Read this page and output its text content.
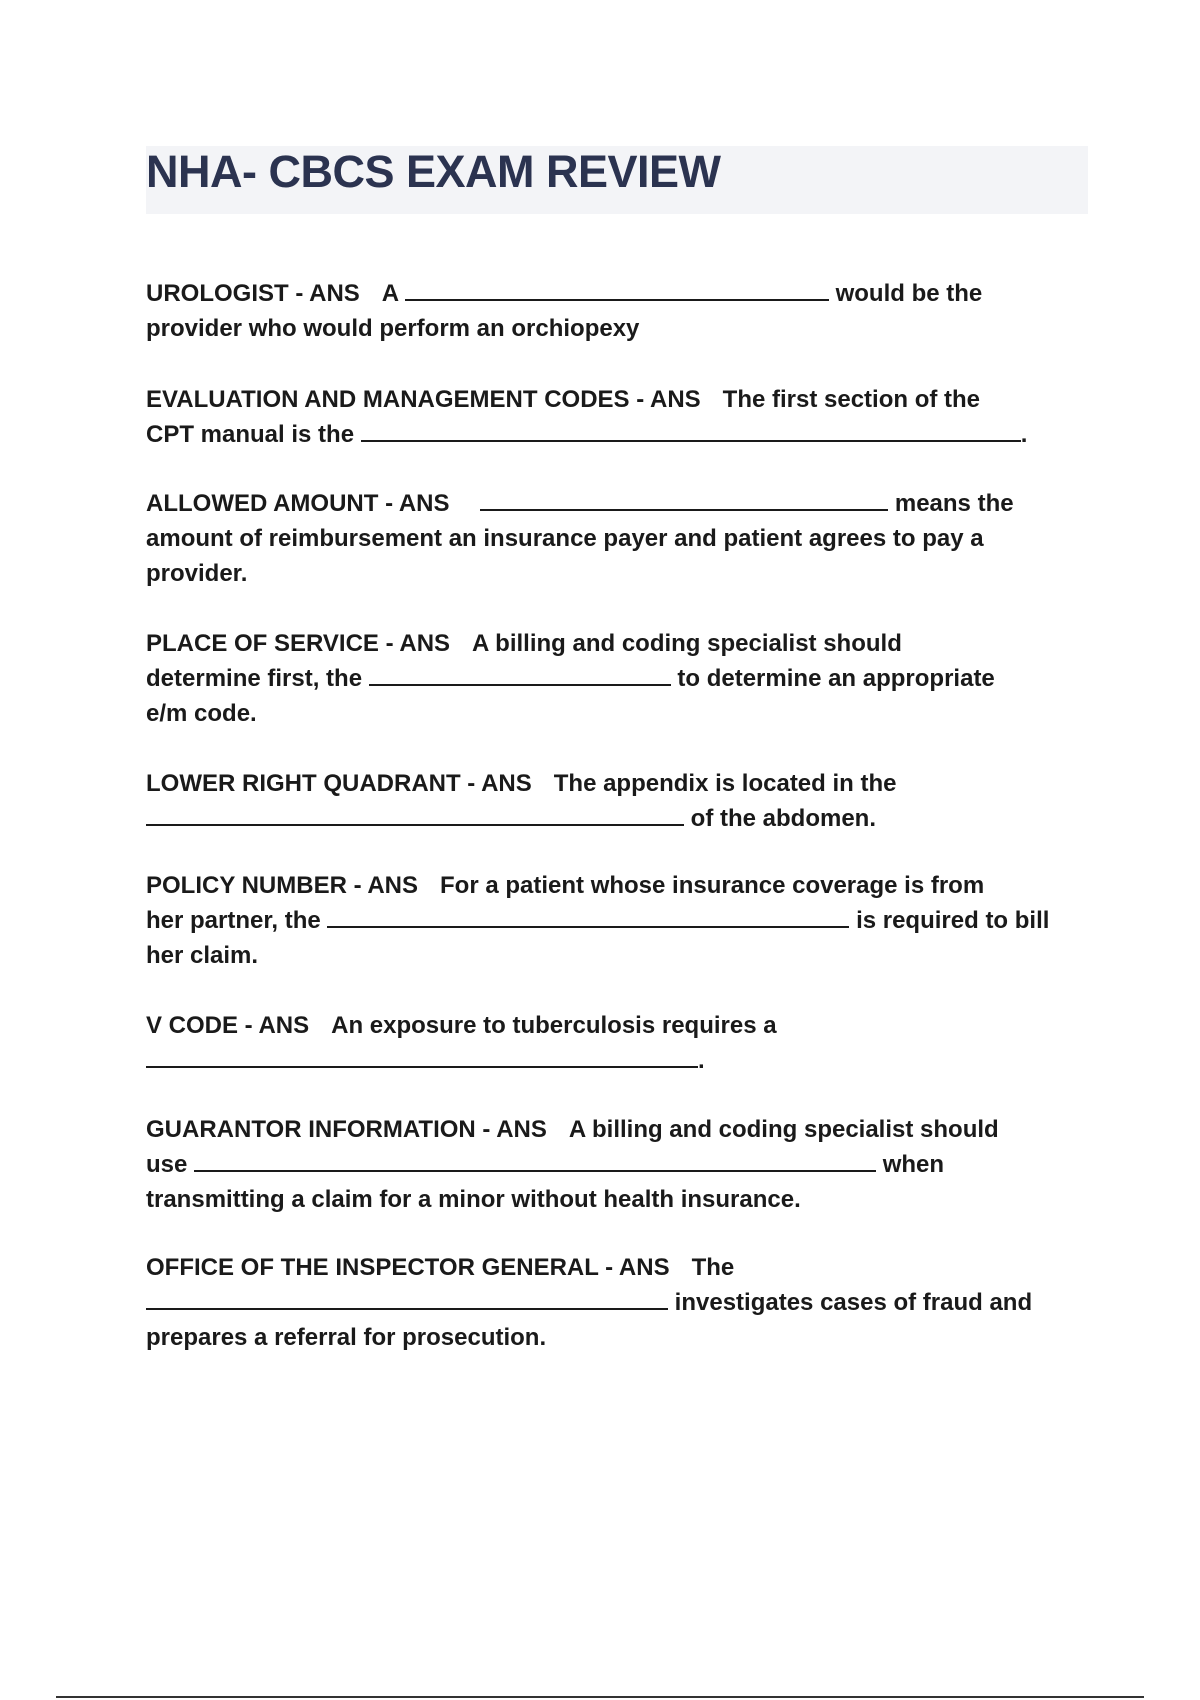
NHA- CBCS EXAM REVIEW
UROLOGIST - ANS A	would be the
provider who would perform an orchiopexy
EVALUATION AND MANAGEMENT CODES - ANS The first section of the
CPT manual is the	.
ALLOWED AMOUNT - ANS	means the
amount of reimbursement an insurance payer and patient agrees to pay a
provider.
PLACE OF SERVICE - ANS A billing and coding specialist should
determine first, the	to determine an appropriate
e/m code.
LOWER RIGHT QUADRANT - ANS The appendix is located in the
of the abdomen.
POLICY NUMBER - ANS For a patient whose insurance coverage is from
her partner, the	is required to bill
her claim.
V CODE - ANS An exposure to tuberculosis requires a
.
GUARANTOR INFORMATION - ANS A billing and coding specialist should
use	when
transmitting a claim for a minor without health insurance.
OFFICE OF THE INSPECTOR GENERAL - ANS The
investigates cases of fraud and
prepares a referral for prosecution.
